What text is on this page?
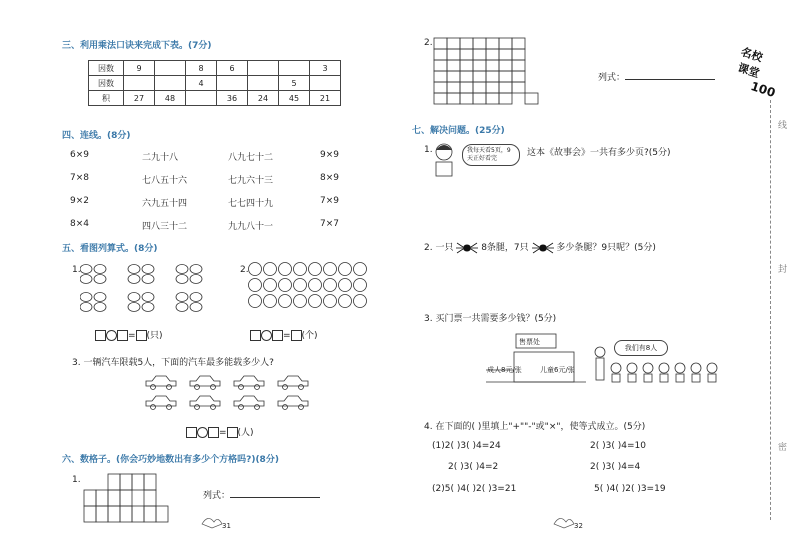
三、利用乘法口诀来完成下表。(7分)
因数	9		8	6			3
因数			4			5	
积	27	48		36	24	45	21
四、连线。(8分)
6×9	二九十八	八九七十二	9×9
7×8	七八五十六	七九六十三	8×9
9×2	六九五十四	七七四十九	7×9
8×4	四八三十二	九九八十一	7×7
五、看图列算式。(8分)
1.	2.
= (只)	= (个)
3. 一辆汽车限载5人，下面的汽车最多能载多少人?
= (人)
六、数格子。(你会巧妙地数出有多少个方格吗?)(8分)
1.
列式：
31
2.
列式：
名校
课堂
100
七、解决问题。(25分)
1.	我每天看5页，9天正好看完
这本《故事会》一共有多少页?(5分)
2. 一只	8条腿，7只	多少条腿？9只呢？(5分)
3. 买门票一共需要多少钱？(5分)
售票处
成人8元/张	儿童6元/张
我们有8人
4. 在下面的( )里填上"+""-"或"×"，使等式成立。(5分)
(1)2( )3( )4=24	2( )3( )4=10
2( )3( )4=2	2( )3( )4=4
(2)5( )4( )2( )3=21	5( )4( )2( )3=19
32
线
封
密
